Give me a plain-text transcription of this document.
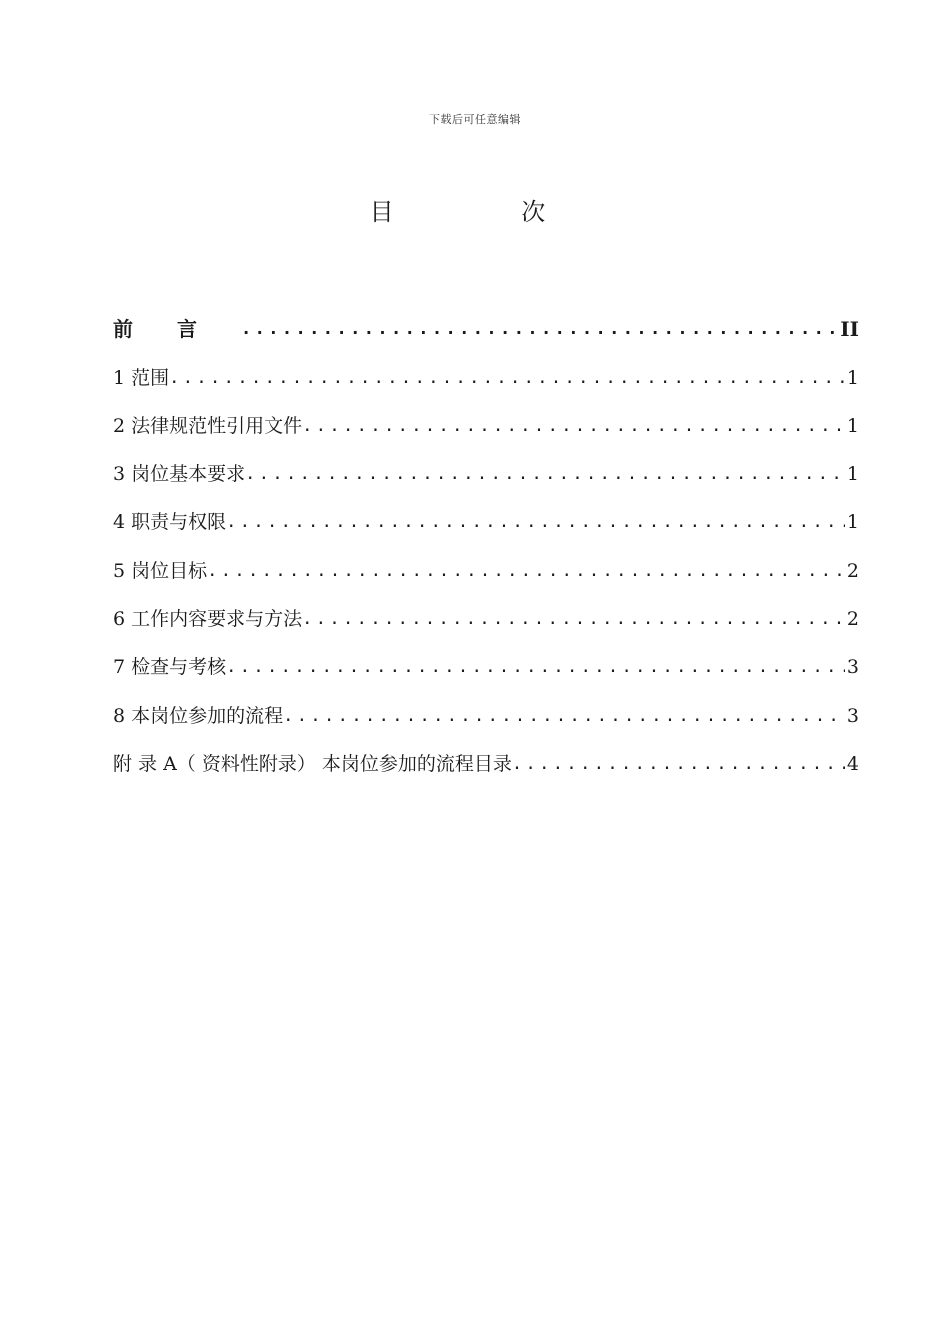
下载后可任意编辑
目 次
前言 .....	II
1 范围 .....	1
2 法律规范性引用文件 .....	1
3 岗位基本要求 .....	1
4 职责与权限 .....	1
5 岗位目标 .....	2
6 工作内容要求与方法 .....	2
7 检查与考核 .....	3
8 本岗位参加的流程 .....	3
附 录 A（ 资料性附录） 本岗位参加的流程目录 .....	4
